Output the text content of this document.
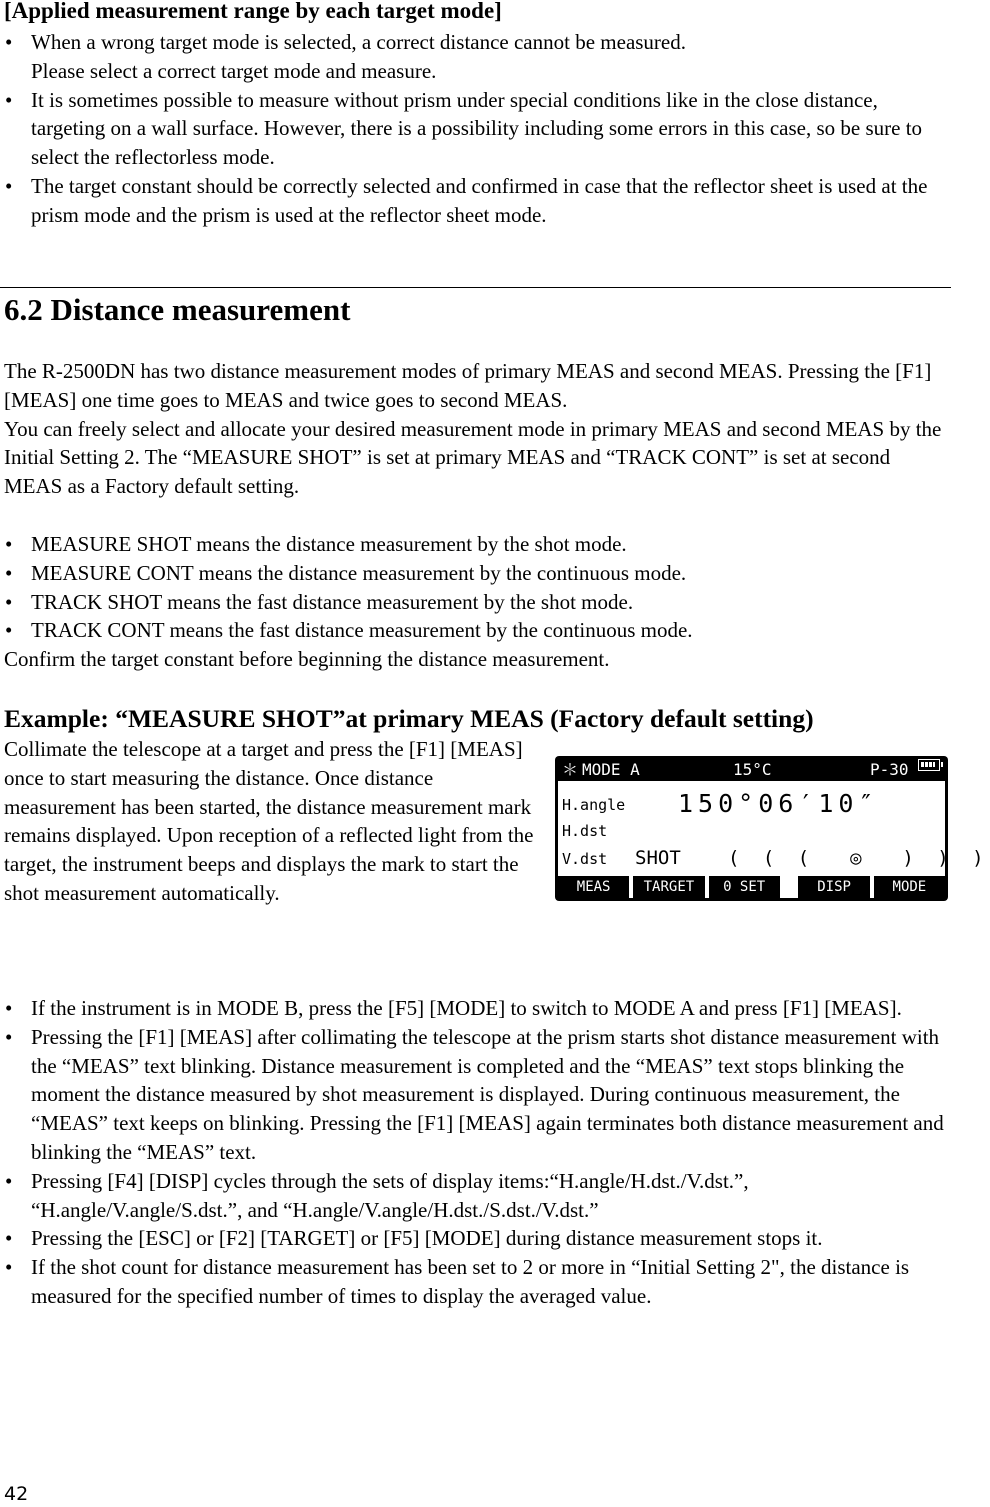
[Applied measurement range by each target mode]
• When a wrong target mode is selected, a correct distance cannot be measured.
Please select a correct target mode and measure.
• It is sometimes possible to measure without prism under special conditions like in the close distance, targeting on a wall surface. However, there is a possibility including some errors in this case, so be sure to select the reflectorless mode.
• The target constant should be correctly selected and confirmed in case that the reflector sheet is used at the prism mode and the prism is used at the reflector sheet mode.
6.2 Distance measurement

The R-2500DN has two distance measurement modes of primary MEAS and second MEAS. Pressing the [F1] [MEAS] one time goes to MEAS and twice goes to second MEAS.
You can freely select and allocate your desired measurement mode in primary MEAS and second MEAS by the Initial Setting 2. The “MEASURE SHOT” is set at primary MEAS and “TRACK CONT” is set at second MEAS as a Factory default setting.

• MEASURE SHOT means the distance measurement by the shot mode.
• MEASURE CONT means the distance measurement by the continuous mode.
• TRACK SHOT means the fast distance measurement by the shot mode.
• TRACK CONT means the fast distance measurement by the continuous mode.

Confirm the target constant before beginning the distance measurement.

Example: “MEASURE SHOT”at primary MEAS (Factory default setting)

Collimate the telescope at a target and press the [F1] [MEAS] once to start measuring the distance. Once distance measurement has been started, the distance measurement mark remains displayed. Upon reception of a reflected light from the target, the instrument beeps and displays the mark to start the shot measurement automatically.

＊ MODE A	15°C	P-30
H.angle 150°06′10″
H.dst
V.dst SHOT ( ( (  ◎  ) ) )
MEAS	TARGET	0 SET	DISP	MODE
• If the instrument is in MODE B, press the [F5] [MODE] to switch to MODE A and press [F1] [MEAS].
• Pressing the [F1] [MEAS] after collimating the telescope at the prism starts shot distance measurement with the “MEAS” text blinking. Distance measurement is completed and the “MEAS” text stops blinking the moment the distance measured by shot measurement is displayed. During continuous measurement, the “MEAS” text keeps on blinking. Pressing the [F1] [MEAS] again terminates both distance measurement and blinking the “MEAS” text.
• Pressing [F4] [DISP] cycles through the sets of display items:“H.angle/H.dst./V.dst.”, “H.angle/V.angle/S.dst.”, and “H.angle/V.angle/H.dst./S.dst./V.dst.”
• Pressing the [ESC] or [F2] [TARGET] or [F5] [MODE] during distance measurement stops it.
• If the shot count for distance measurement has been set to 2 or more in “Initial Setting 2", the distance is measured for the specified number of times to display the averaged value.
42
